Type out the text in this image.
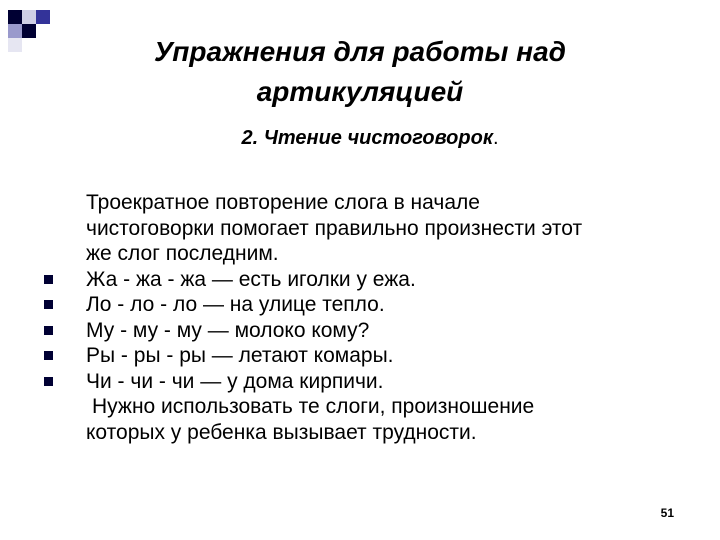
Упражнения для работы над
артикуляцией
2. Чтение чистоговорок.
Троекратное повторение слога в начале
чистоговорки помогает правильно произнести этот
же слог последним.
Жа - жа - жа — есть иголки у ежа.
Ло - ло - ло — на улице тепло.
Му - му - му — молоко кому?
Ры - ры - ры — летают комары.
Чи - чи - чи — у дома кирпичи.
Нужно использовать те слоги, произношение
которых у ребенка вызывает трудности.
51
